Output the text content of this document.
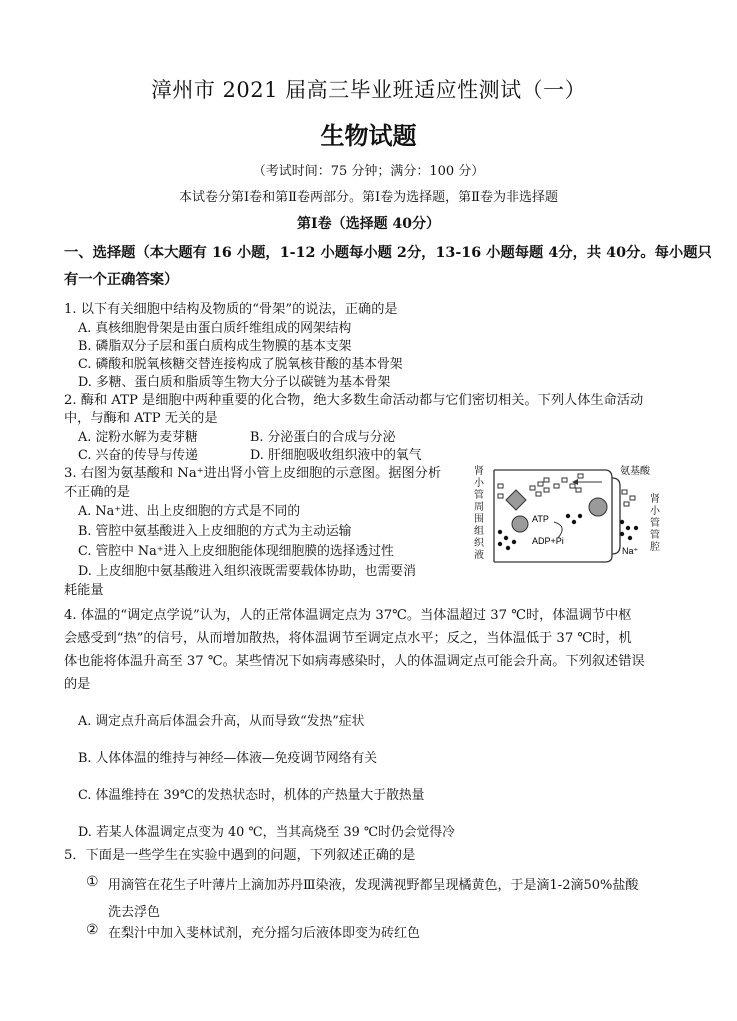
漳州市 2021 届高三毕业班适应性测试（一）
生物试题
（考试时间：75 分钟；满分：100 分）
本试卷分第Ⅰ卷和第Ⅱ卷两部分。第Ⅰ卷为选择题，第Ⅱ卷为非选择题
第Ⅰ卷（选择题 40分）
一、选择题（本大题有 16 小题，1-12 小题每小题 2分，13-16 小题每题 4分，共 40分。每小题只
有一个正确答案）
1. 以下有关细胞中结构及物质的“骨架”的说法，正确的是
A. 真核细胞骨架是由蛋白质纤维组成的网架结构
B. 磷脂双分子层和蛋白质构成生物膜的基本支架
C. 磷酸和脱氧核糖交替连接构成了脱氧核苷酸的基本骨架
D. 多糖、蛋白质和脂质等生物大分子以碳链为基本骨架
2. 酶和 ATP 是细胞中两种重要的化合物，绝大多数生命活动都与它们密切相关。下列人体生命活动
中，与酶和 ATP 无关的是
A. 淀粉水解为麦芽糖	B. 分泌蛋白的合成与分泌
C. 兴奋的传导与传递	D. 肝细胞吸收组织液中的氧气
3. 右图为氨基酸和 Na⁺进出肾小管上皮细胞的示意图。据图分析
不正确的是
A. Na⁺进、出上皮细胞的方式是不同的
B. 管腔中氨基酸进入上皮细胞的方式为主动运输
C. 管腔中 Na⁺进入上皮细胞能体现细胞膜的选择透过性
D. 上皮细胞中氨基酸进入组织液既需要载体协助，也需要消
耗能量
肾
小
管
周
围
组
织
液
ATP
ADP+Pi
氨基酸
Na⁺
肾
小
管
管
腔
4. 体温的“调定点学说”认为，人的正常体温调定点为 37℃。当体温超过 37 ℃时，体温调节中枢
会感受到“热”的信号，从而增加散热，将体温调节至调定点水平；反之，当体温低于 37 ℃时，机
体也能将体温升高至 37 ℃。某些情况下如病毒感染时，人的体温调定点可能会升高。下列叙述错误
的是
A. 调定点升高后体温会升高，从而导致“发热”症状
B. 人体体温的维持与神经—体液—免疫调节网络有关
C. 体温维持在 39℃的发热状态时，机体的产热量大于散热量
D. 若某人体温调定点变为 40 ℃，当其高烧至 39 ℃时仍会觉得冷
5．下面是一些学生在实验中遇到的问题，下列叙述正确的是
① 用滴管在花生子叶薄片上滴加苏丹Ⅲ染液，发现满视野都呈现橘黄色，于是滴1-2滴50%盐酸
洗去浮色
② 在梨汁中加入斐林试剂，充分摇匀后液体即变为砖红色
